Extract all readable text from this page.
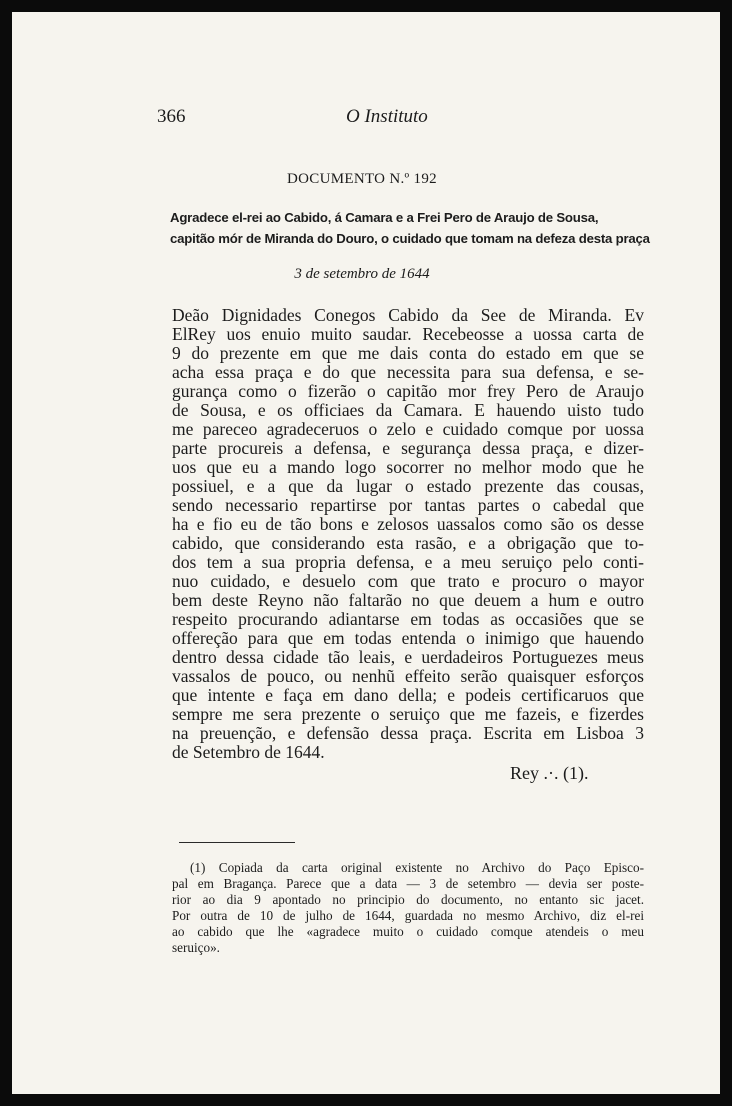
366	O Instituto
DOCUMENTO N.º 192
Agradece el-rei ao Cabido, á Camara e a Frei Pero de Araujo de Sousa,
capitão mór de Miranda do Douro, o cuidado que tomam na defeza desta praça
3 de setembro de 1644
Deão Dignidades Conegos Cabido da See de Miranda. Ev
ElRey uos enuio muito saudar. Recebeosse a uossa carta de
9 do prezente em que me dais conta do estado em que se
acha essa praça e do que necessita para sua defensa, e se-
gurança como o fizerão o capitão mor frey Pero de Araujo
de Sousa, e os officiaes da Camara. E hauendo uisto tudo
me pareceo agradeceruos o zelo e cuidado comque por uossa
parte procureis a defensa, e segurança dessa praça, e dizer-
uos que eu a mando logo socorrer no melhor modo que he
possiuel, e a que da lugar o estado prezente das cousas,
sendo necessario repartirse por tantas partes o cabedal que
ha e fio eu de tão bons e zelosos uassalos como são os desse
cabido, que considerando esta rasão, e a obrigação que to-
dos tem a sua propria defensa, e a meu seruiço pelo conti-
nuo cuidado, e desuelo com que trato e procuro o mayor
bem deste Reyno não faltarão no que deuem a hum e outro
respeito procurando adiantarse em todas as occasiões que se
offereção para que em todas entenda o inimigo que hauendo
dentro dessa cidade tão leais, e uerdadeiros Portuguezes meus
vassalos de pouco, ou nenhũ effeito serão quaisquer esforços
que intente e faça em dano della; e podeis certificaruos que
sempre me sera prezente o seruiço que me fazeis, e fizerdes
na preuenção, e defensão dessa praça. Escrita em Lisboa 3
de Setembro de 1644.
Rey .·. (1).
(1) Copiada da carta original existente no Archivo do Paço Episco-
pal em Bragança. Parece que a data — 3 de setembro — devia ser poste-
rior ao dia 9 apontado no principio do documento, no entanto sic jacet.
Por outra de 10 de julho de 1644, guardada no mesmo Archivo, diz el-rei
ao cabido que lhe «agradece muito o cuidado comque atendeis o meu
seruiço».
